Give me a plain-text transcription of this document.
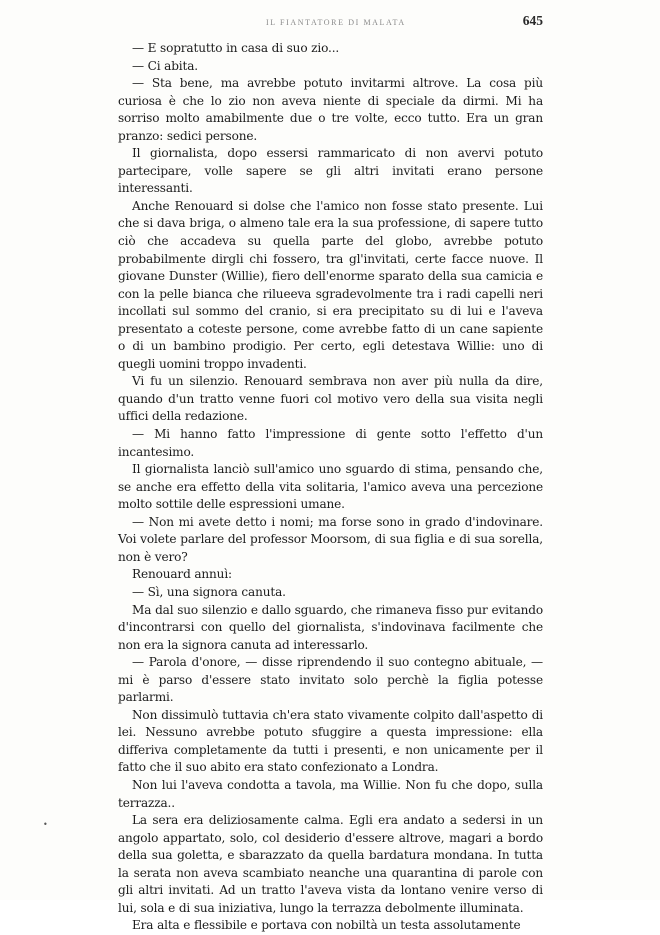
IL FIANTATORE DI MALATA	645

— E sopratutto in casa di suo zio...

— Ci abita.

— Sta bene, ma avrebbe potuto invitarmi altrove. La cosa più curiosa è che lo zio non aveva niente di speciale da dirmi. Mi ha sorriso molto amabilmente due o tre volte, ecco tutto. Era un gran pranzo: sedici persone.

Il giornalista, dopo essersi rammaricato di non avervi potuto partecipare, volle sapere se gli altri invitati erano persone interessanti.

Anche Renouard si dolse che l'amico non fosse stato presente. Lui che si dava briga, o almeno tale era la sua professione, di sapere tutto ciò che accadeva su quella parte del globo, avrebbe potuto probabilmente dirgli chi fossero, tra gl'invitati, certe facce nuove. Il giovane Dunster (Willie), fiero dell'enorme sparato della sua camicia e con la pelle bianca che rilueeva sgradevolmente tra i radi capelli neri incollati sul sommo del cranio, si era precipitato su di lui e l'aveva presentato a coteste persone, come avrebbe fatto di un cane sapiente o di un bambino prodigio. Per certo, egli detestava Willie: uno di quegli uomini troppo invadenti.

Vi fu un silenzio. Renouard sembrava non aver più nulla da dire, quando d'un tratto venne fuori col motivo vero della sua visita negli uffici della redazione.

— Mi hanno fatto l'impressione di gente sotto l'effetto d'un incantesimo.

Il giornalista lanciò sull'amico uno sguardo di stima, pensando che, se anche era effetto della vita solitaria, l'amico aveva una percezione molto sottile delle espressioni umane.

— Non mi avete detto i nomi; ma forse sono in grado d'indovinare. Voi volete parlare del professor Moorsom, di sua figlia e di sua sorella, non è vero?

Renouard annuì:

— Sì, una signora canuta.

Ma dal suo silenzio e dallo sguardo, che rimaneva fisso pur evitando d'incontrarsi con quello del giornalista, s'indovinava facilmente che non era la signora canuta ad interessarlo.

— Parola d'onore, — disse riprendendo il suo contegno abituale, — mi è parso d'essere stato invitato solo perchè la figlia potesse parlarmi.

Non dissimulò tuttavia ch'era stato vivamente colpito dall'aspetto di lei. Nessuno avrebbe potuto sfuggire a questa impressione: ella differiva completamente da tutti i presenti, e non unicamente per il fatto che il suo abito era stato confezionato a Londra.

Non lui l'aveva condotta a tavola, ma Willie. Non fu che dopo, sulla terrazza..

La sera era deliziosamente calma. Egli era andato a sedersi in un angolo appartato, solo, col desiderio d'essere altrove, magari a bordo della sua goletta, e sbarazzato da quella bardatura mondana. In tutta la serata non aveva scambiato neanche una quarantina di parole con gli altri invitati. Ad un tratto l'aveva vista da lontano venire verso di lui, sola e di sua iniziativa, lungo la terrazza debolmente illuminata.

Era alta e flessibile e portava con nobiltà un testa assolutamente

•
